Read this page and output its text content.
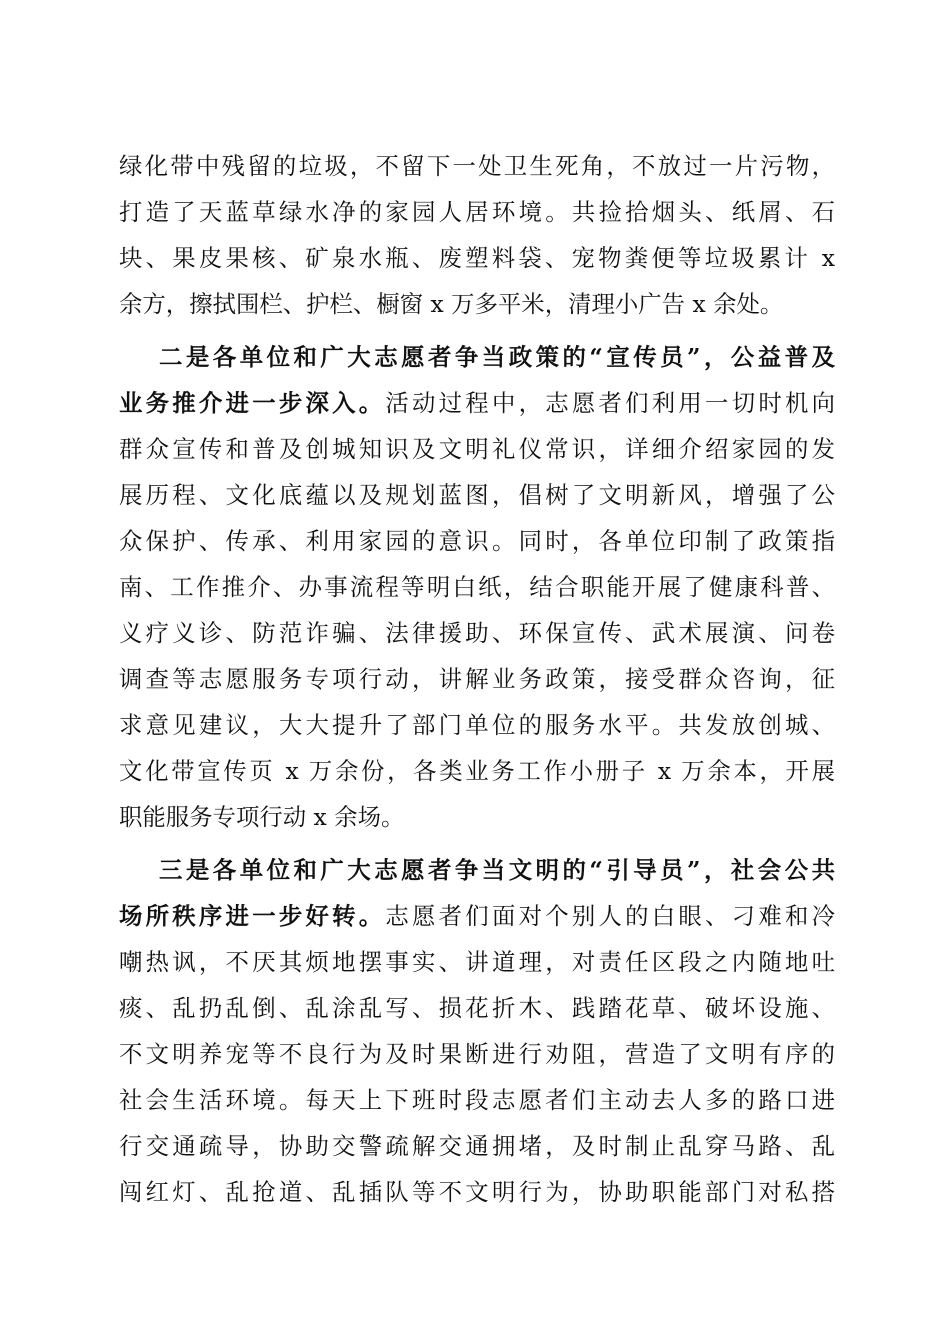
绿化带中残留的垃圾，不留下一处卫生死角，不放过一片污物，
打造了天蓝草绿水净的家园人居环境。共捡拾烟头、纸屑、石
块、果皮果核、矿泉水瓶、废塑料袋、宠物粪便等垃圾累计 x
余方，擦拭围栏、护栏、橱窗 x 万多平米，清理小广告 x 余处。
二是各单位和广大志愿者争当政策的“宣传员”，公益普及
业务推介进一步深入。活动过程中，志愿者们利用一切时机向
群众宣传和普及创城知识及文明礼仪常识，详细介绍家园的发
展历程、文化底蕴以及规划蓝图，倡树了文明新风，增强了公
众保护、传承、利用家园的意识。同时，各单位印制了政策指
南、工作推介、办事流程等明白纸，结合职能开展了健康科普、
义疗义诊、防范诈骗、法律援助、环保宣传、武术展演、问卷
调查等志愿服务专项行动，讲解业务政策，接受群众咨询，征
求意见建议，大大提升了部门单位的服务水平。共发放创城、
文化带宣传页 x 万余份，各类业务工作小册子 x 万余本，开展
职能服务专项行动 x 余场。
三是各单位和广大志愿者争当文明的“引导员”，社会公共
场所秩序进一步好转。志愿者们面对个别人的白眼、刁难和冷
嘲热讽，不厌其烦地摆事实、讲道理，对责任区段之内随地吐
痰、乱扔乱倒、乱涂乱写、损花折木、践踏花草、破坏设施、
不文明养宠等不良行为及时果断进行劝阻，营造了文明有序的
社会生活环境。每天上下班时段志愿者们主动去人多的路口进
行交通疏导，协助交警疏解交通拥堵，及时制止乱穿马路、乱
闯红灯、乱抢道、乱插队等不文明行为，协助职能部门对私搭
